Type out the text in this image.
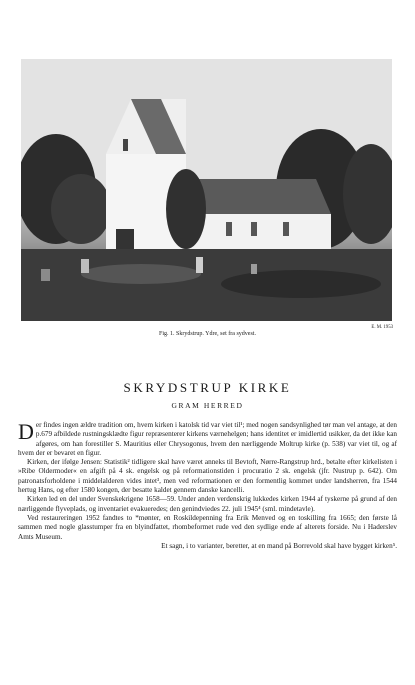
E. M. 1953
Fig. 1. Skrydstrup. Ydre, set fra sydvest.
SKRYDSTRUP KIRKE
GRAM HERRED

Der findes ingen ældre tradition om, hvem kirken i katolsk tid var viet til¹; med nogen sandsynlighed tør man vel antage, at den p.679 afbildede rustningsklædte figur repræsenterer kirkens værnehelgen; hans identitet er imidlertid usikker, da det ikke kan afgøres, om han forestiller S. Mauritius eller Chrysogonus, hvem den nærliggende Moltrup kirke (p. 538) var viet til, og af hvem der er bevaret en figur.

Kirken, der ifølge Jensen: Statistik² tidligere skal have været anneks til Bevtoft, Nørre-Rangstrup hrd., betalte efter kirkelisten i »Ribe Oldermoder« en afgift på 4 sk. engelsk og på reformationstiden i procuratio 2 sk. engelsk (jfr. Nustrup p. 642). Om patronatsforholdene i middelalderen vides intet³, men ved reformationen er den formentlig kommet under landsherren, fra 1544 hertug Hans, og efter 1580 kongen, der besatte kaldet gennem danske kancelli.

Kirken led en del under Svenskekrigene 1658—59. Under anden verdenskrig lukkedes kirken 1944 af tyskerne på grund af den nærliggende flyveplads, og inventariet evakueredes; den genindviedes 22. juli 1945⁴ (sml. mindetavle).

Ved restaureringen 1952 fandtes to *mønter, en Roskildepenning fra Erik Menved og en toskilling fra 1665; den første lå sammen med nogle glasstumper fra en blyindfattet, rhombeformet rude ved den sydlige ende af alterets forside. Nu i Haderslev Amts Museum.

Et sagn, i to varianter, beretter, at en mand på Borrevold skal have bygget kirken⁵.
